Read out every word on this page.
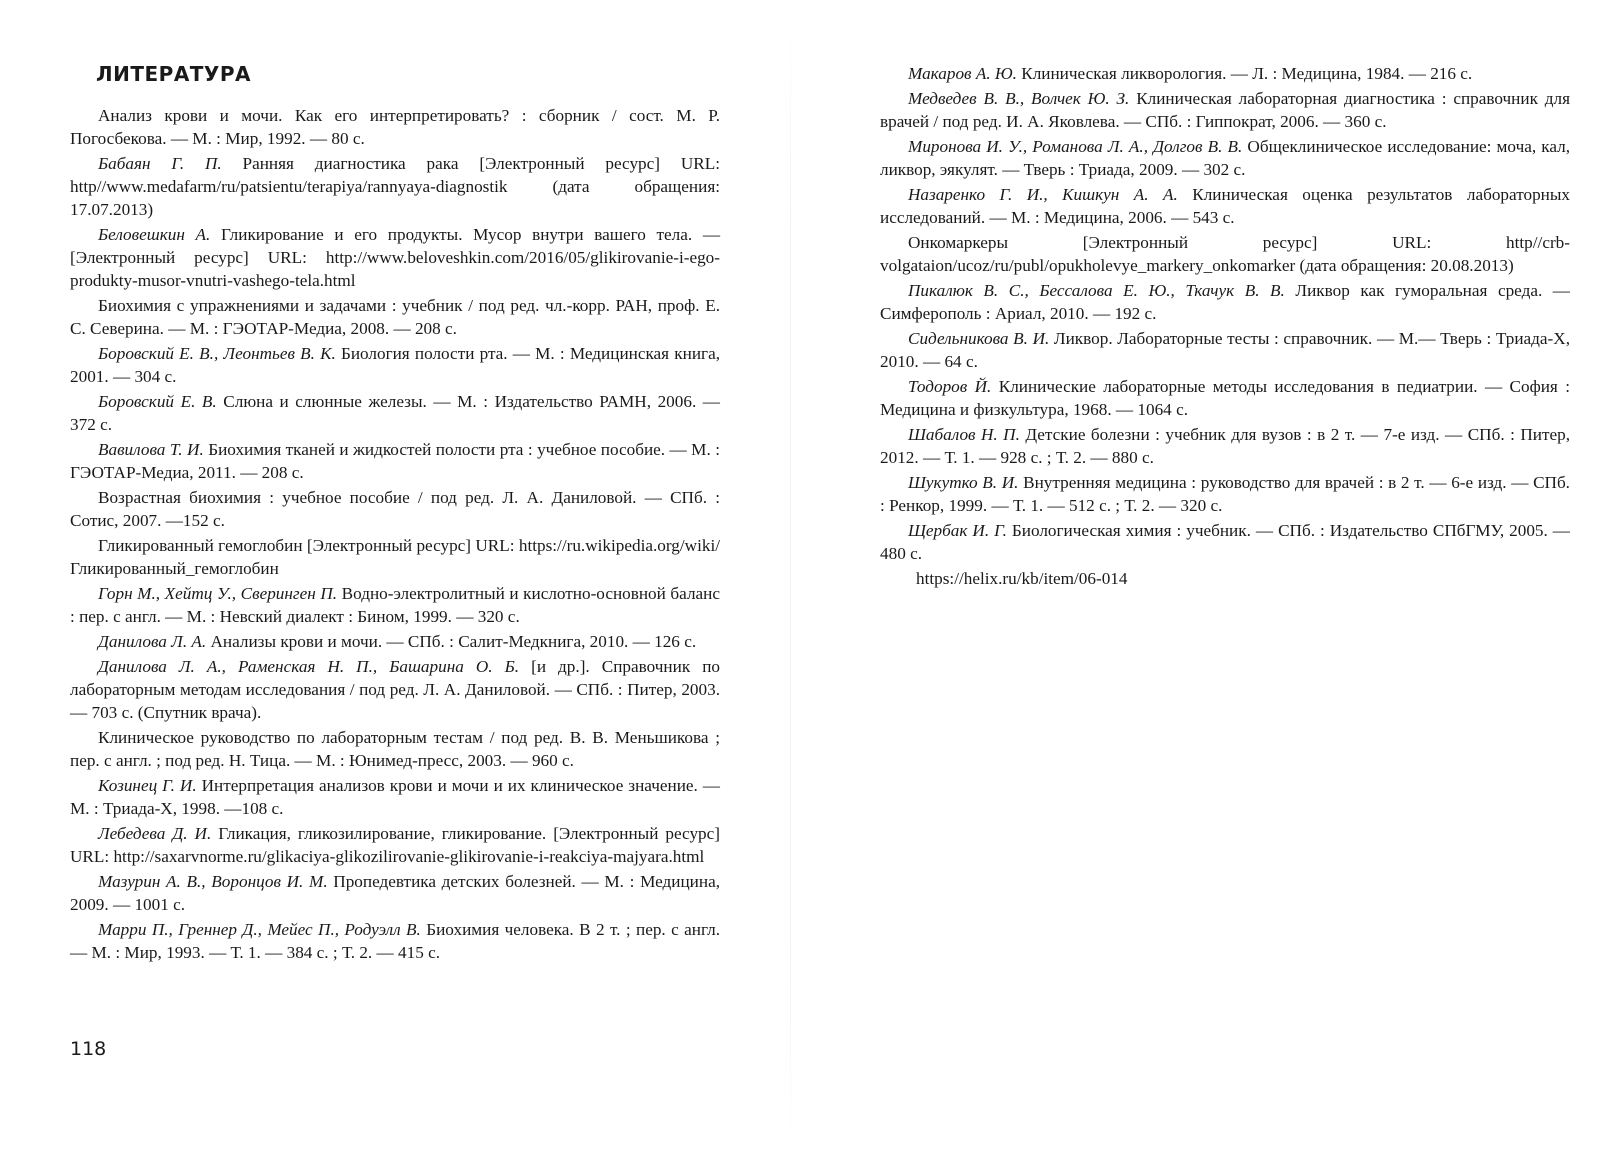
Анализ крови и мочи. Как его интерпретировать? : сборник / сост. М. Р. Погосбекова. — М. : Мир, 1992. — 80 с.
Бабаян Г. П. Ранняя диагностика рака [Электронный ресурс] URL: http//www.medafarm/ru/patsientu/terapiya/rannyaya-diagnostik (дата обращения: 17.07.2013)
Беловешкин А. Гликирование и его продукты. Мусор внутри вашего тела. — [Электронный ресурс] URL: http://www.beloveshkin.com/2016/05/glikirovanie-i-ego-produkty-musor-vnutri-vashego-tela.html
Биохимия с упражнениями и задачами : учебник / под ред. чл.-корр. РАН, проф. Е. С. Северина. — М. : ГЭОТАР-Медиа, 2008. — 208 с.
Боровский Е. В., Леонтьев В. К. Биология полости рта. — М. : Медицинская книга, 2001. — 304 с.
Боровский Е. В. Слюна и слюнные железы. — М. : Издательство РАМН, 2006. — 372 с.
Вавилова Т. И. Биохимия тканей и жидкостей полости рта : учебное пособие. — М. : ГЭОТАР-Медиа, 2011. — 208 с.
Возрастная биохимия : учебное пособие / под ред. Л. А. Даниловой. — СПб. : Сотис, 2007. —152 с.
Гликированный гемоглобин [Электронный ресурс] URL: https://ru.wikipedia.org/wiki/Гликированный_гемоглобин
Горн М., Хейтц У., Сверинген П. Водно-электролитный и кислотно-основной баланс : пер. с англ. — М. : Невский диалект : Бином, 1999. — 320 с.
Данилова Л. А. Анализы крови и мочи. — СПб. : Салит-Медкнига, 2010. — 126 с.
Данилова Л. А., Раменская Н. П., Башарина О. Б. [и др.]. Справочник по лабораторным методам исследования / под ред. Л. А. Даниловой. — СПб. : Питер, 2003. — 703 с. (Спутник врача).
Клиническое руководство по лабораторным тестам / под ред. В. В. Меньшикова ; пер. с англ. ; под ред. Н. Тица. — М. : Юнимед-пресс, 2003. — 960 с.
Козинец Г. И. Интерпретация анализов крови и мочи и их клиническое значение. — М. : Триада-Х, 1998. —108 с.
Лебедева Д. И. Гликация, гликозилирование, гликирование. [Электронный ресурс] URL: http://saxarvnorme.ru/glikaciya-glikozilirovanie-glikirovanie-i-reakciya-majyara.html
Мазурин А. В., Воронцов И. М. Пропедевтика детских болезней. — М. : Медицина, 2009. — 1001 с.
Марри П., Греннер Д., Мейес П., Родуэлл В. Биохимия человека. В 2 т. ; пер. с англ. — М. : Мир, 1993. — Т. 1. — 384 с. ; Т. 2. — 415 с.
ЛИТЕРАТУРА
118
Макаров А. Ю. Клиническая ликворология. — Л. : Медицина, 1984. — 216 с.
Медведев В. В., Волчек Ю. З. Клиническая лабораторная диагностика : справочник для врачей / под ред. И. А. Яковлева. — СПб. : Гиппократ, 2006. — 360 с.
Миронова И. У., Романова Л. А., Долгов В. В. Общеклиническое исследование: моча, кал, ликвор, эякулят. — Тверь : Триада, 2009. — 302 с.
Назаренко Г. И., Кишкун А. А. Клиническая оценка результатов лабораторных исследований. — М. : Медицина, 2006. — 543 с.
Онкомаркеры [Электронный ресурс] URL: http//crb-volgataion/ucoz/ru/publ/opukholevye_markery_onkomarker (дата обращения: 20.08.2013)
Пикалюк В. С., Бессалова Е. Ю., Ткачук В. В. Ликвор как гуморальная среда. — Симферополь : Ариал, 2010. — 192 с.
Сидельникова В. И. Ликвор. Лабораторные тесты : справочник. — М.— Тверь : Триада-Х, 2010. — 64 с.
Тодоров Й. Клинические лабораторные методы исследования в педиатрии. — София : Медицина и физкультура, 1968. — 1064 с.
Шабалов Н. П. Детские болезни : учебник для вузов : в 2 т. — 7-е изд. — СПб. : Питер, 2012. — Т. 1. — 928 с. ; Т. 2. — 880 с.
Шукутко В. И. Внутренняя медицина : руководство для врачей : в 2 т. — 6-е изд. — СПб. : Ренкор, 1999. — Т. 1. — 512 с. ; Т. 2. — 320 с.
Щербак И. Г. Биологическая химия : учебник. — СПб. : Издательство СПбГМУ, 2005. — 480 с.
https://helix.ru/kb/item/06-014
